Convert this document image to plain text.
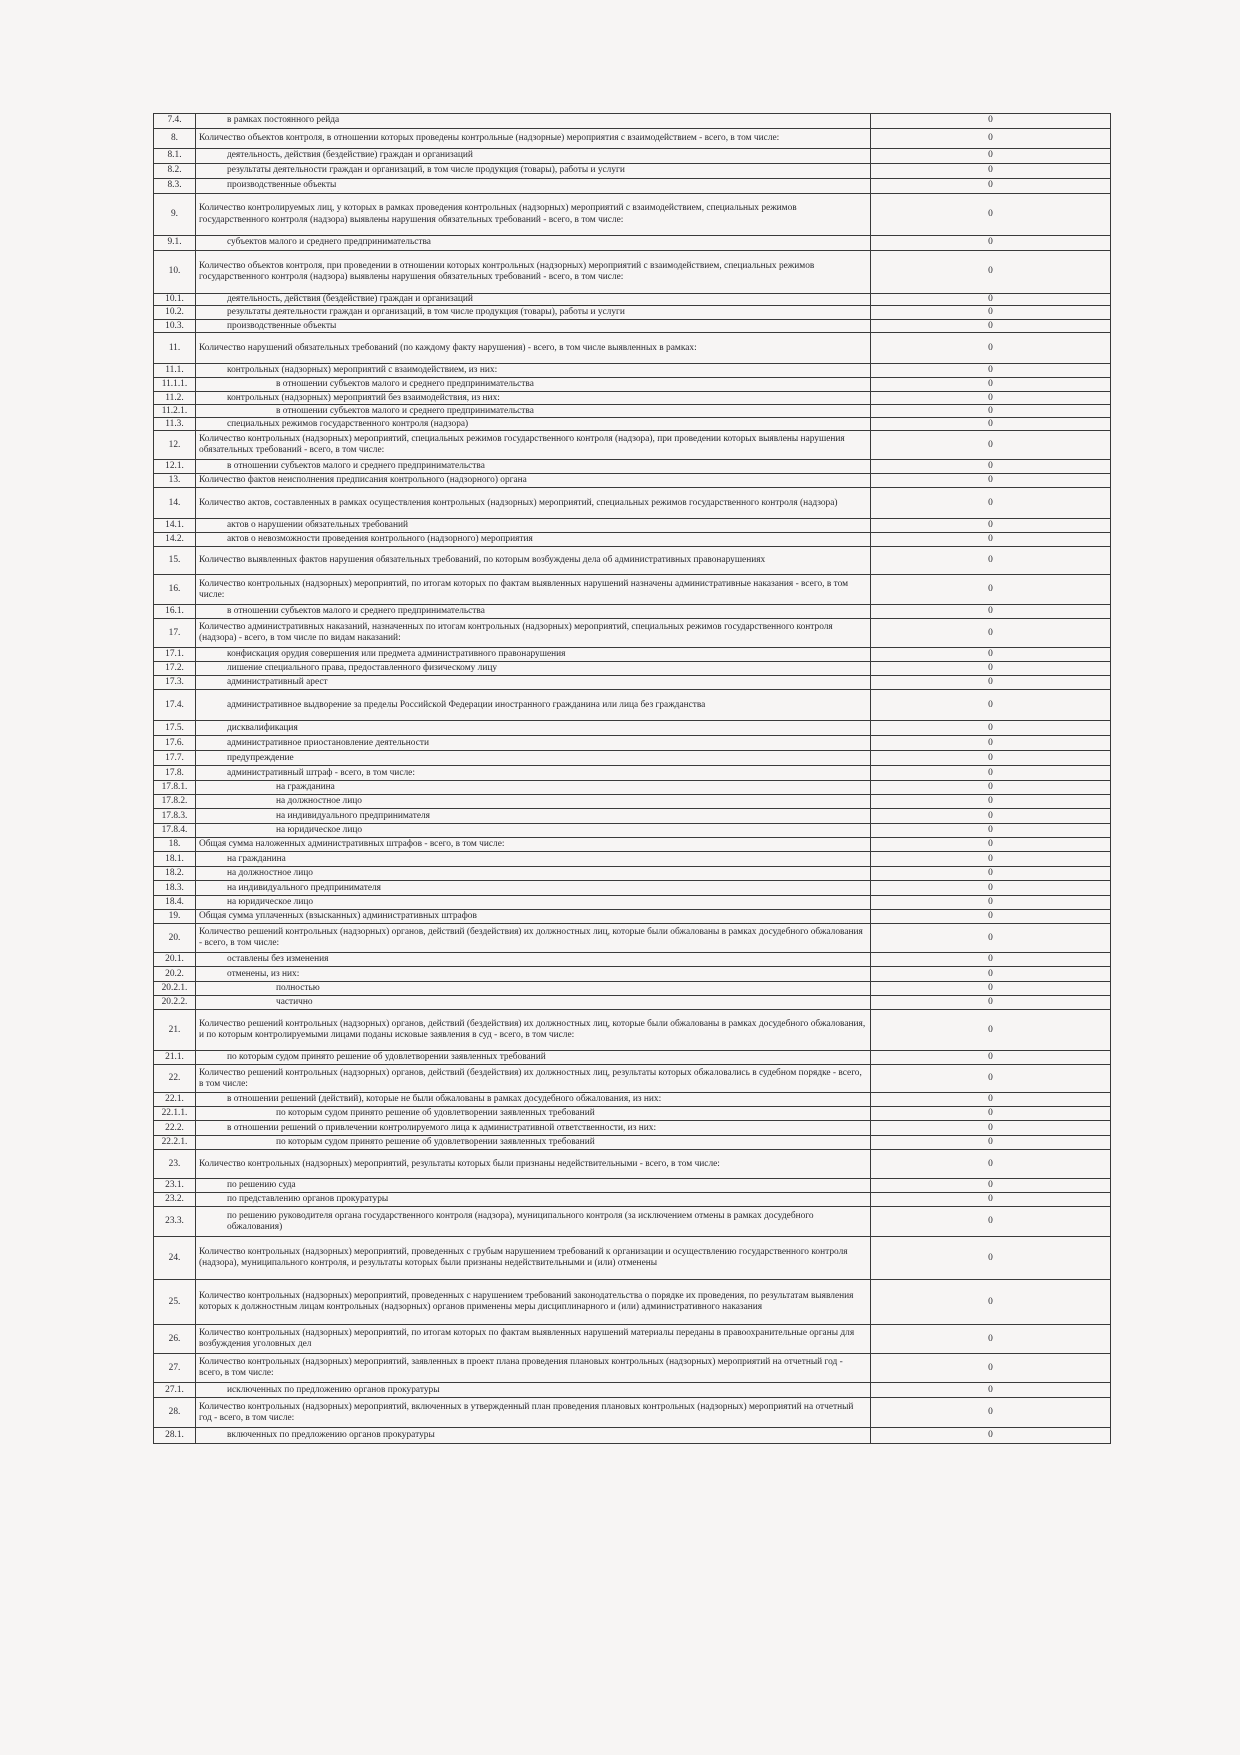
7.4.	в рамках постоянного рейда	0
8.	Количество объектов контроля, в отношении которых проведены контрольные (надзорные) мероприятия с взаимодействием - всего, в том числе:	0
8.1.	деятельность, действия (бездействие) граждан и организаций	0
8.2.	результаты деятельности граждан и организаций, в том числе продукция (товары), работы и услуги	0
8.3.	производственные объекты	0
9.	Количество контролируемых лиц, у которых в рамках проведения контрольных (надзорных) мероприятий с взаимодействием, специальных режимов государственного контроля (надзора) выявлены нарушения обязательных требований - всего, в том числе:	0
9.1.	субъектов малого и среднего предпринимательства	0
10.	Количество объектов контроля, при проведении в отношении которых контрольных (надзорных) мероприятий с взаимодействием, специальных режимов государственного контроля (надзора) выявлены нарушения обязательных требований - всего, в том числе:	0
10.1.	деятельность, действия (бездействие) граждан и организаций	0
10.2.	результаты деятельности граждан и организаций, в том числе продукция (товары), работы и услуги	0
10.3.	производственные объекты	0
11.	Количество нарушений обязательных требований (по каждому факту нарушения) - всего, в том числе выявленных в рамках:	0
11.1.	контрольных (надзорных) мероприятий с взаимодействием, из них:	0
11.1.1.	в отношении субъектов малого и среднего предпринимательства	0
11.2.	контрольных (надзорных) мероприятий без взаимодействия, из них:	0
11.2.1.	в отношении субъектов малого и среднего предпринимательства	0
11.3.	специальных режимов государственного контроля (надзора)	0
12.	Количество контрольных (надзорных) мероприятий, специальных режимов государственного контроля (надзора), при проведении которых выявлены нарушения обязательных требований - всего, в том числе:	0
12.1.	в отношении субъектов малого и среднего предпринимательства	0
13.	Количество фактов неисполнения предписания контрольного (надзорного) органа	0
14.	Количество актов, составленных в рамках осуществления контрольных (надзорных) мероприятий, специальных режимов государственного контроля (надзора)	0
14.1.	актов о нарушении обязательных требований	0
14.2.	актов о невозможности проведения контрольного (надзорного) мероприятия	0
15.	Количество выявленных фактов нарушения обязательных требований, по которым возбуждены дела об административных правонарушениях	0
16.	Количество контрольных (надзорных) мероприятий, по итогам которых по фактам выявленных нарушений назначены административные наказания - всего, в том числе:	0
16.1.	в отношении субъектов малого и среднего предпринимательства	0
17.	Количество административных наказаний, назначенных по итогам контрольных (надзорных) мероприятий, специальных режимов государственного контроля (надзора) - всего, в том числе по видам наказаний:	0
17.1.	конфискация орудия совершения или предмета административного правонарушения	0
17.2.	лишение специального права, предоставленного физическому лицу	0
17.3.	административный арест	0
17.4.	административное выдворение за пределы Российской Федерации иностранного гражданина или лица без гражданства	0
17.5.	дисквалификация	0
17.6.	административное приостановление деятельности	0
17.7.	предупреждение	0
17.8.	административный штраф - всего, в том числе:	0
17.8.1.	на гражданина	0
17.8.2.	на должностное лицо	0
17.8.3.	на индивидуального предпринимателя	0
17.8.4.	на юридическое лицо	0
18.	Общая сумма наложенных административных штрафов - всего, в том числе:	0
18.1.	на гражданина	0
18.2.	на должностное лицо	0
18.3.	на индивидуального предпринимателя	0
18.4.	на юридическое лицо	0
19.	Общая сумма уплаченных (взысканных) административных штрафов	0
20.	Количество решений контрольных (надзорных) органов, действий (бездействия) их должностных лиц, которые были обжалованы в рамках досудебного обжалования - всего, в том числе:	0
20.1.	оставлены без изменения	0
20.2.	отменены, из них:	0
20.2.1.	полностью	0
20.2.2.	частично	0
21.	Количество решений контрольных (надзорных) органов, действий (бездействия) их должностных лиц, которые были обжалованы в рамках досудебного обжалования, и по которым контролируемыми лицами поданы исковые заявления в суд - всего, в том числе:	0
21.1.	по которым судом принято решение об удовлетворении заявленных требований	0
22.	Количество решений контрольных (надзорных) органов, действий (бездействия) их должностных лиц, результаты которых обжаловались в судебном порядке - всего, в том числе:	0
22.1.	в отношении решений (действий), которые не были обжалованы в рамках досудебного обжалования, из них:	0
22.1.1.	по которым судом принято решение об удовлетворении заявленных требований	0
22.2.	в отношении решений о привлечении контролируемого лица к административной ответственности, из них:	0
22.2.1.	по которым судом принято решение об удовлетворении заявленных требований	0
23.	Количество контрольных (надзорных) мероприятий, результаты которых были признаны недействительными - всего, в том числе:	0
23.1.	по решению суда	0
23.2.	по представлению органов прокуратуры	0
23.3.	по решению руководителя органа государственного контроля (надзора), муниципального контроля (за исключением отмены в рамках досудебного обжалования)	0
24.	Количество контрольных (надзорных) мероприятий, проведенных с грубым нарушением требований к организации и осуществлению государственного контроля (надзора), муниципального контроля, и результаты которых были признаны недействительными и (или) отменены	0
25.	Количество контрольных (надзорных) мероприятий, проведенных с нарушением требований законодательства о порядке их проведения, по результатам выявления которых к должностным лицам контрольных (надзорных) органов применены меры дисциплинарного и (или) административного наказания	0
26.	Количество контрольных (надзорных) мероприятий, по итогам которых по фактам выявленных нарушений материалы переданы в правоохранительные органы для возбуждения уголовных дел	0
27.	Количество контрольных (надзорных) мероприятий, заявленных в проект плана проведения плановых контрольных (надзорных) мероприятий на отчетный год - всего, в том числе:	0
27.1.	исключенных по предложению органов прокуратуры	0
28.	Количество контрольных (надзорных) мероприятий, включенных в утвержденный план проведения плановых контрольных (надзорных) мероприятий на отчетный год - всего, в том числе:	0
28.1.	включенных по предложению органов прокуратуры	0
